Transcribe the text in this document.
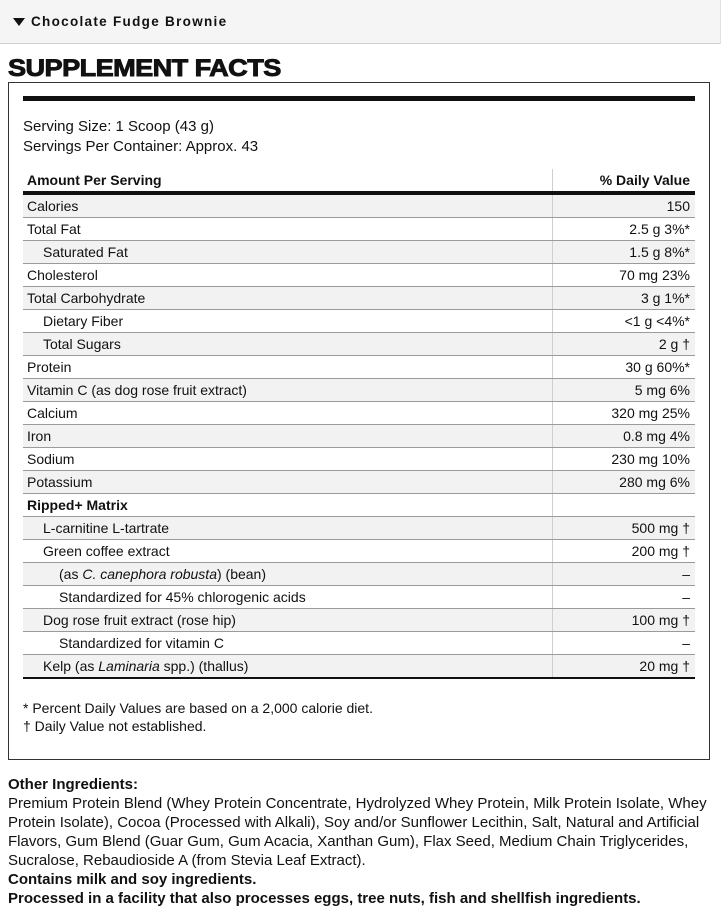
Chocolate Fudge Brownie
SUPPLEMENT FACTS
Serving Size: 1 Scoop (43 g)
Servings Per Container: Approx. 43
Amount Per Serving	% Daily Value
Calories	150
Total Fat	2.5 g 3%*
Saturated Fat	1.5 g 8%*
Cholesterol	70 mg 23%
Total Carbohydrate	3 g 1%*
Dietary Fiber	<1 g <4%*
Total Sugars	2 g †
Protein	30 g 60%*
Vitamin C (as dog rose fruit extract)	5 mg 6%
Calcium	320 mg 25%
Iron	0.8 mg 4%
Sodium	230 mg 10%
Potassium	280 mg 6%
Ripped+ Matrix	
L-carnitine L-tartrate	500 mg †
Green coffee extract	200 mg †
(as C. canephora robusta) (bean)	–
Standardized for 45% chlorogenic acids	–
Dog rose fruit extract (rose hip)	100 mg †
Standardized for vitamin C	–
Kelp (as Laminaria spp.) (thallus)	20 mg †
* Percent Daily Values are based on a 2,000 calorie diet.
† Daily Value not established.
Other Ingredients:
Premium Protein Blend (Whey Protein Concentrate, Hydrolyzed Whey Protein, Milk Protein Isolate, Whey Protein Isolate), Cocoa (Processed with Alkali), Soy and/or Sunflower Lecithin, Salt, Natural and Artificial Flavors, Gum Blend (Guar Gum, Gum Acacia, Xanthan Gum), Flax Seed, Medium Chain Triglycerides, Sucralose, Rebaudioside A (from Stevia Leaf Extract).
Contains milk and soy ingredients.
Processed in a facility that also processes eggs, tree nuts, fish and shellfish ingredients.
